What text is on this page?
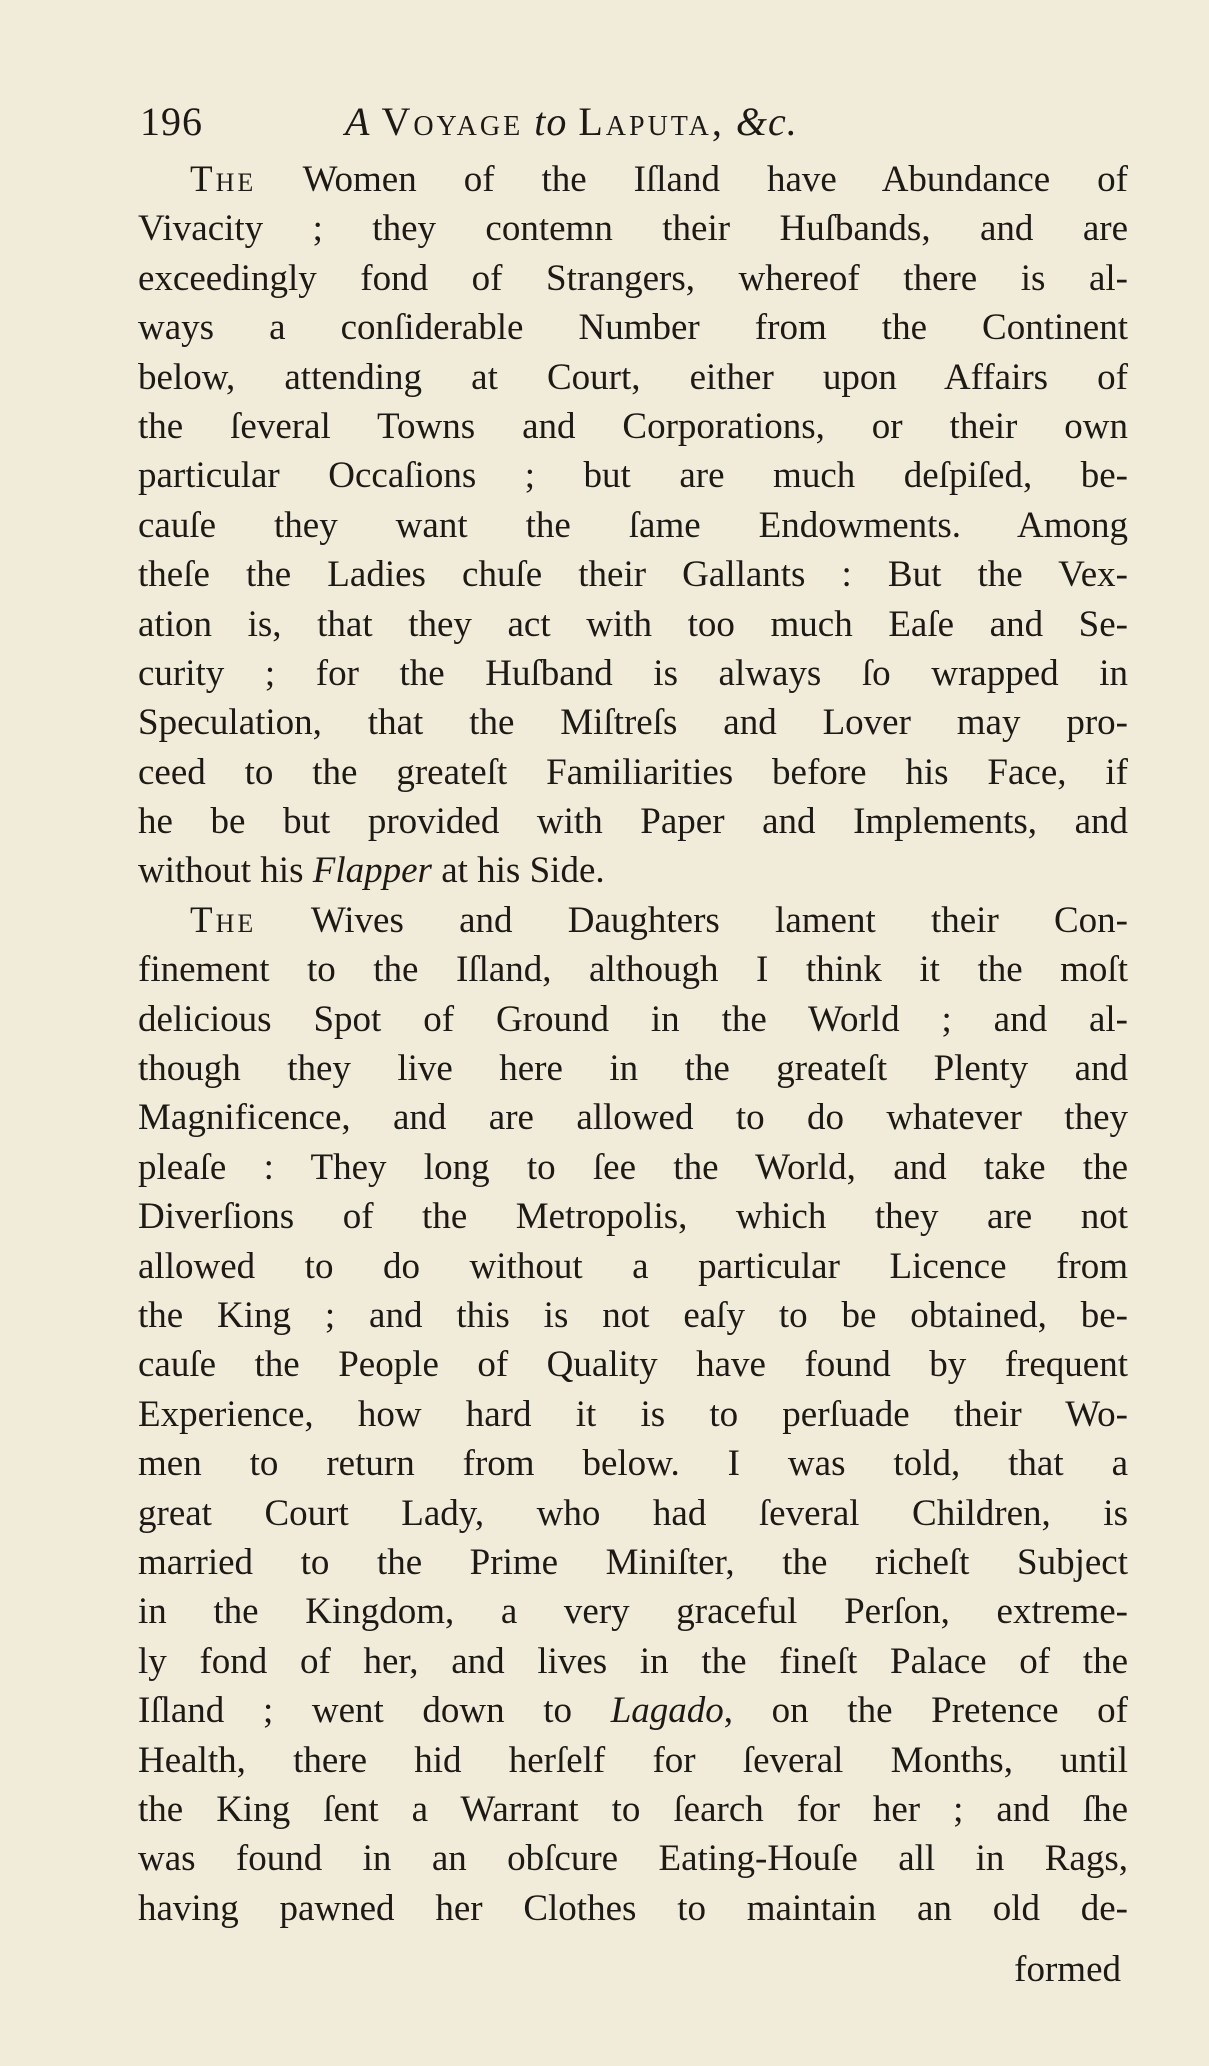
196	A Voyage to Laputa, &c.
The Women of the Iſland have Abundance of
Vivacity ; they contemn their Huſbands, and are
exceedingly fond of Strangers, whereof there is al-
ways a conſiderable Number from the Continent
below, attending at Court, either upon Affairs of
the ſeveral Towns and Corporations, or their own
particular Occaſions ; but are much deſpiſed, be-
cauſe they want the ſame Endowments. Among
theſe the Ladies chuſe their Gallants : But the Vex-
ation is, that they act with too much Eaſe and Se-
curity ; for the Huſband is always ſo wrapped in
Speculation, that the Miſtreſs and Lover may pro-
ceed to the greateſt Familiarities before his Face, if
he be but provided with Paper and Implements, and
without his Flapper at his Side.
The Wives and Daughters lament their Con-
finement to the Iſland, although I think it the moſt
delicious Spot of Ground in the World ; and al-
though they live here in the greateſt Plenty and
Magnificence, and are allowed to do whatever they
pleaſe : They long to ſee the World, and take the
Diverſions of the Metropolis, which they are not
allowed to do without a particular Licence from
the King ; and this is not eaſy to be obtained, be-
cauſe the People of Quality have found by frequent
Experience, how hard it is to perſuade their Wo-
men to return from below. I was told, that a
great Court Lady, who had ſeveral Children, is
married to the Prime Miniſter, the richeſt Subject
in the Kingdom, a very graceful Perſon, extreme-
ly fond of her, and lives in the fineſt Palace of the
Iſland ; went down to Lagado, on the Pretence of
Health, there hid herſelf for ſeveral Months, until
the King ſent a Warrant to ſearch for her ; and ſhe
was found in an obſcure Eating-Houſe all in Rags,
having pawned her Clothes to maintain an old de-
formed
